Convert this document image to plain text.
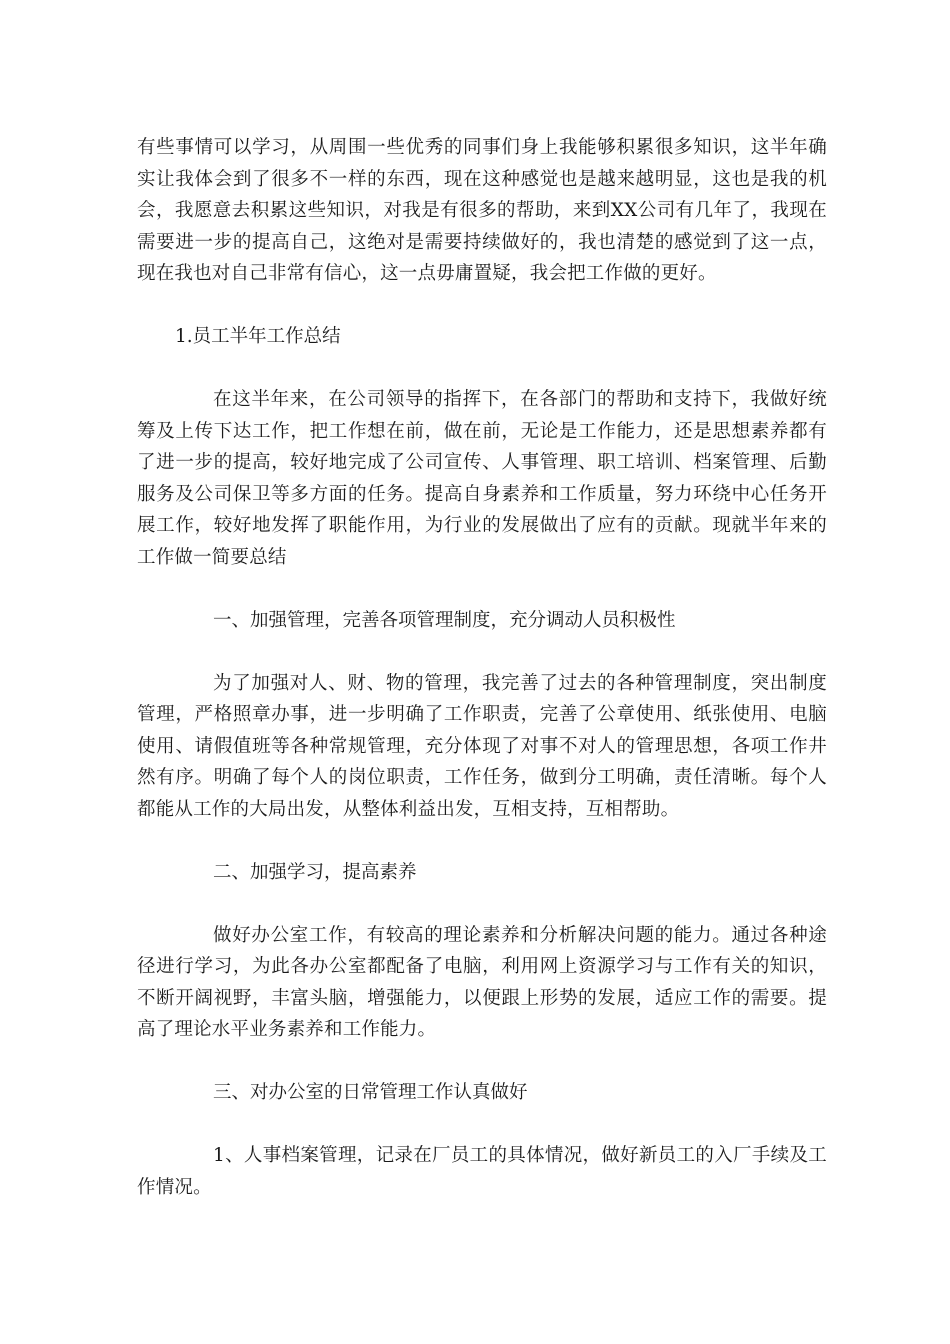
有些事情可以学习，从周围一些优秀的同事们身上我能够积累很多知识，这半年确实让我体会到了很多不一样的东西，现在这种感觉也是越来越明显，这也是我的机会，我愿意去积累这些知识，对我是有很多的帮助，来到XX公司有几年了，我现在需要进一步的提高自己，这绝对是需要持续做好的，我也清楚的感觉到了这一点，现在我也对自己非常有信心，这一点毋庸置疑，我会把工作做的更好。

1.员工半年工作总结

在这半年来，在公司领导的指挥下，在各部门的帮助和支持下，我做好统筹及上传下达工作，把工作想在前，做在前，无论是工作能力，还是思想素养都有了进一步的提高，较好地完成了公司宣传、人事管理、职工培训、档案管理、后勤服务及公司保卫等多方面的任务。提高自身素养和工作质量，努力环绕中心任务开展工作，较好地发挥了职能作用，为行业的发展做出了应有的贡献。现就半年来的工作做一简要总结

一、加强管理，完善各项管理制度，充分调动人员积极性

为了加强对人、财、物的管理，我完善了过去的各种管理制度，突出制度管理，严格照章办事，进一步明确了工作职责，完善了公章使用、纸张使用、电脑使用、请假值班等各种常规管理，充分体现了对事不对人的管理思想，各项工作井然有序。明确了每个人的岗位职责，工作任务，做到分工明确，责任清晰。每个人都能从工作的大局出发，从整体利益出发，互相支持，互相帮助。

二、加强学习，提高素养

做好办公室工作，有较高的理论素养和分析解决问题的能力。通过各种途径进行学习，为此各办公室都配备了电脑，利用网上资源学习与工作有关的知识，不断开阔视野，丰富头脑，增强能力，以便跟上形势的发展，适应工作的需要。提高了理论水平业务素养和工作能力。

三、对办公室的日常管理工作认真做好

1、人事档案管理，记录在厂员工的具体情况，做好新员工的入厂手续及工作情况。
